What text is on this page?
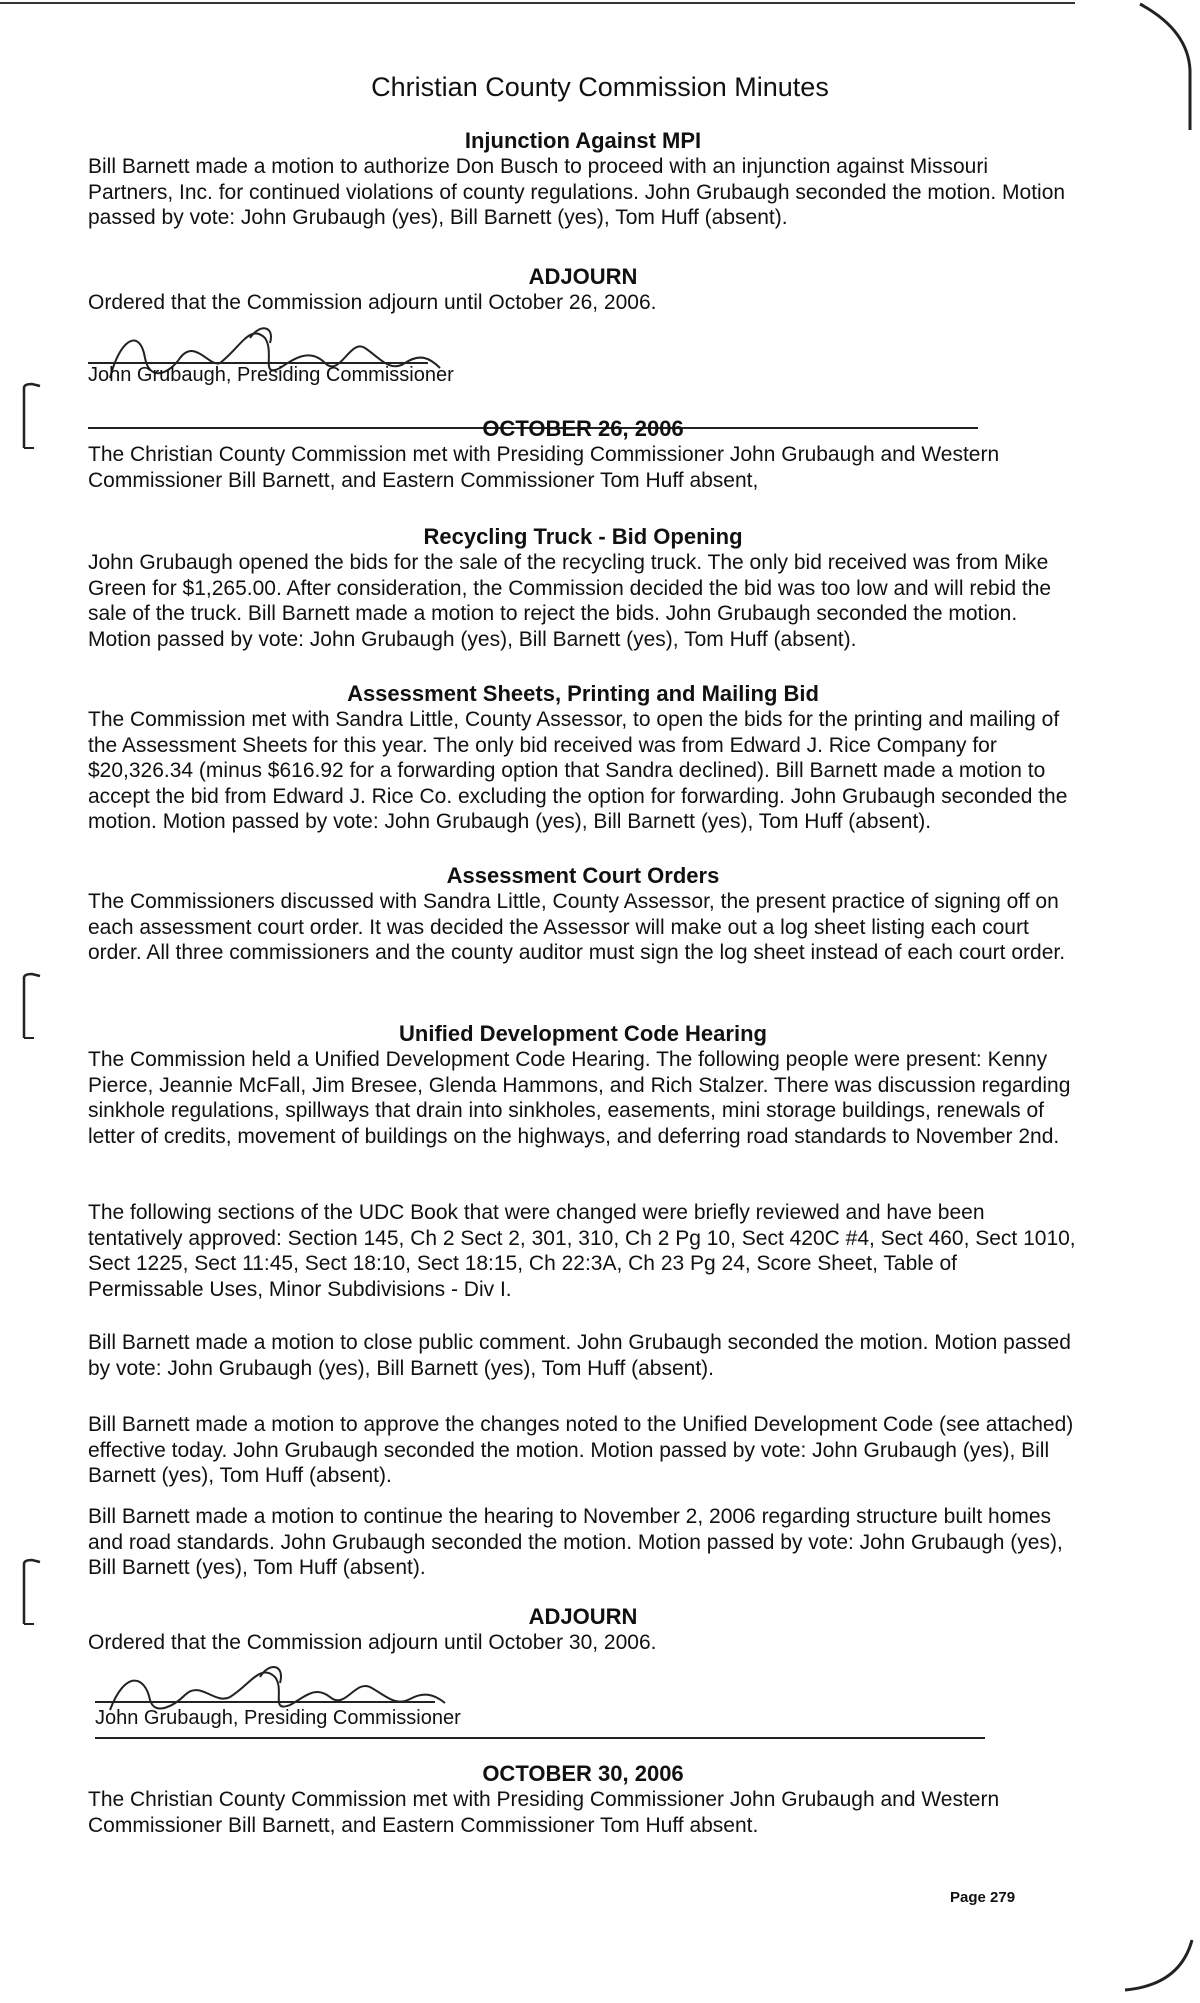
Christian County Commission Minutes

Injunction Against MPI

Bill Barnett made a motion to authorize Don Busch to proceed with an injunction against Missouri Partners, Inc. for continued violations of county regulations. John Grubaugh seconded the motion. Motion passed by vote: John Grubaugh (yes), Bill Barnett (yes), Tom Huff (absent).

ADJOURN

Ordered that the Commission adjourn until October 26, 2006.

John Grubaugh, Presiding Commissioner

OCTOBER 26, 2006

The Christian County Commission met with Presiding Commissioner John Grubaugh and Western Commissioner Bill Barnett, and Eastern Commissioner Tom Huff absent,

Recycling Truck - Bid Opening

John Grubaugh opened the bids for the sale of the recycling truck. The only bid received was from Mike Green for $1,265.00. After consideration, the Commission decided the bid was too low and will rebid the sale of the truck. Bill Barnett made a motion to reject the bids. John Grubaugh seconded the motion. Motion passed by vote: John Grubaugh (yes), Bill Barnett (yes), Tom Huff (absent).

Assessment Sheets, Printing and Mailing Bid

The Commission met with Sandra Little, County Assessor, to open the bids for the printing and mailing of the Assessment Sheets for this year. The only bid received was from Edward J. Rice Company for $20,326.34 (minus $616.92 for a forwarding option that Sandra declined). Bill Barnett made a motion to accept the bid from Edward J. Rice Co. excluding the option for forwarding. John Grubaugh seconded the motion. Motion passed by vote: John Grubaugh (yes), Bill Barnett (yes), Tom Huff (absent).

Assessment Court Orders

The Commissioners discussed with Sandra Little, County Assessor, the present practice of signing off on each assessment court order. It was decided the Assessor will make out a log sheet listing each court order. All three commissioners and the county auditor must sign the log sheet instead of each court order.

Unified Development Code Hearing

The Commission held a Unified Development Code Hearing. The following people were present: Kenny Pierce, Jeannie McFall, Jim Bresee, Glenda Hammons, and Rich Stalzer. There was discussion regarding sinkhole regulations, spillways that drain into sinkholes, easements, mini storage buildings, renewals of letter of credits, movement of buildings on the highways, and deferring road standards to November 2nd.

The following sections of the UDC Book that were changed were briefly reviewed and have been tentatively approved: Section 145, Ch 2 Sect 2, 301, 310, Ch 2 Pg 10, Sect 420C #4, Sect 460, Sect 1010, Sect 1225, Sect 11:45, Sect 18:10, Sect 18:15, Ch 22:3A, Ch 23 Pg 24, Score Sheet, Table of Permissable Uses, Minor Subdivisions - Div I.

Bill Barnett made a motion to close public comment. John Grubaugh seconded the motion. Motion passed by vote: John Grubaugh (yes), Bill Barnett (yes), Tom Huff (absent).

Bill Barnett made a motion to approve the changes noted to the Unified Development Code (see attached) effective today. John Grubaugh seconded the motion. Motion passed by vote: John Grubaugh (yes), Bill Barnett (yes), Tom Huff (absent).

Bill Barnett made a motion to continue the hearing to November 2, 2006 regarding structure built homes and road standards. John Grubaugh seconded the motion. Motion passed by vote: John Grubaugh (yes), Bill Barnett (yes), Tom Huff (absent).

ADJOURN

Ordered that the Commission adjourn until October 30, 2006.

John Grubaugh, Presiding Commissioner

OCTOBER 30, 2006

The Christian County Commission met with Presiding Commissioner John Grubaugh and Western Commissioner Bill Barnett, and Eastern Commissioner Tom Huff absent.

Page 279
